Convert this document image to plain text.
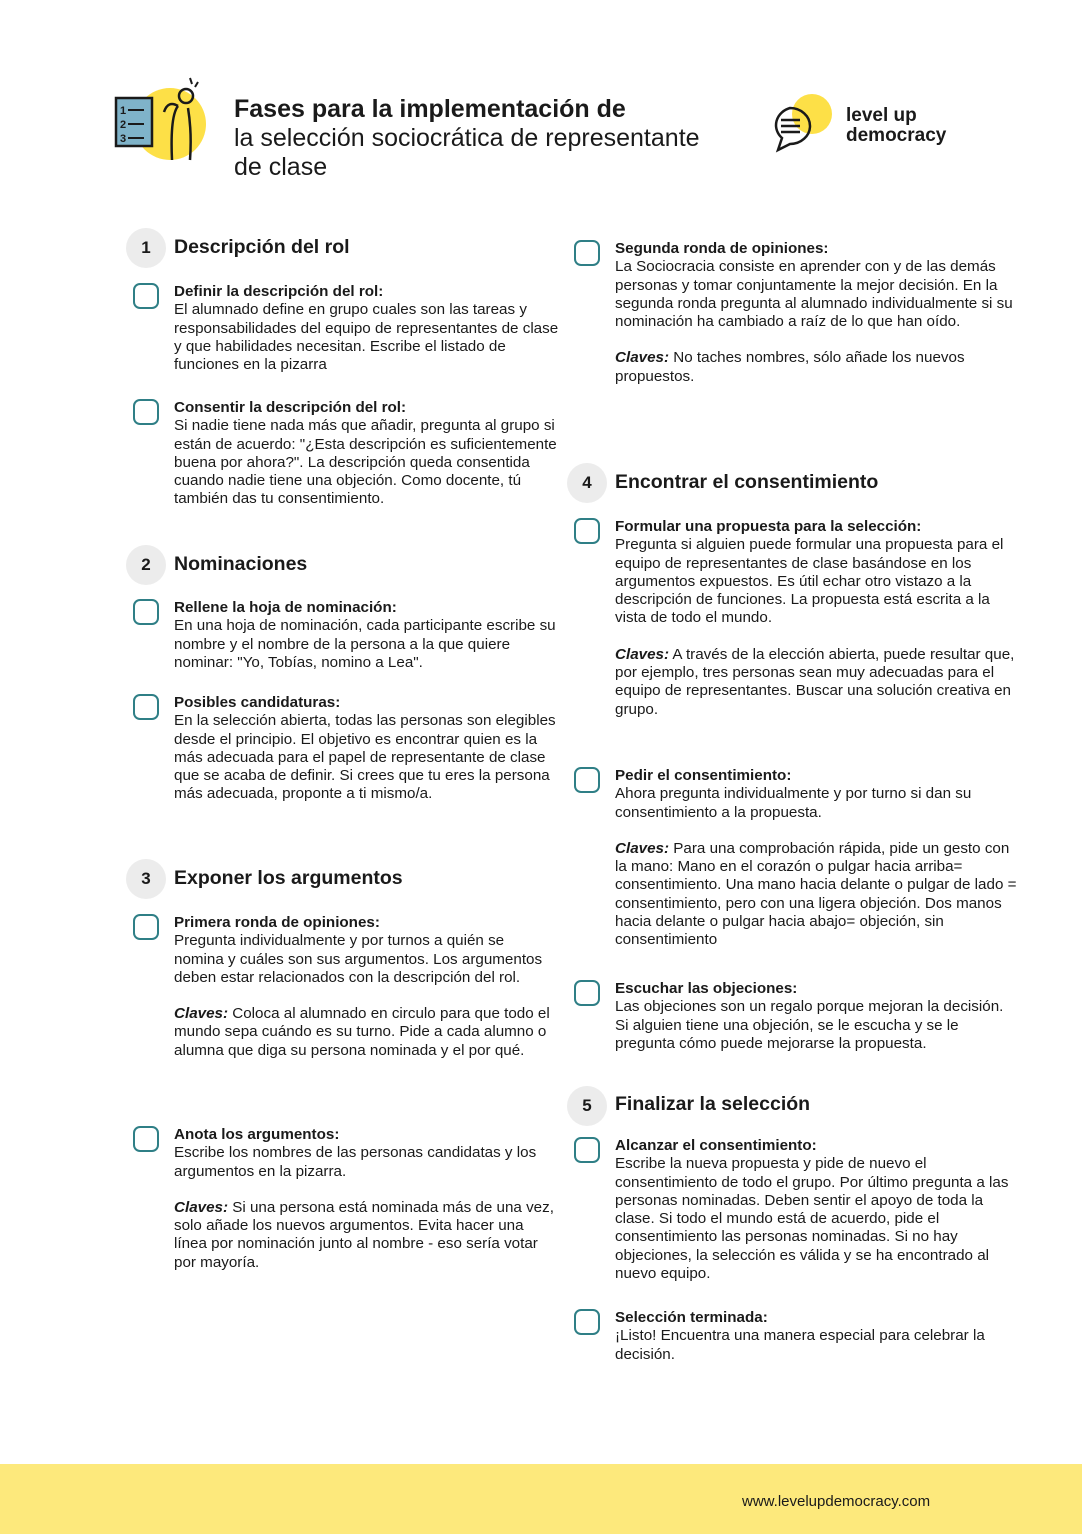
1
2
3
Fases para la implementación de
la selección sociocrática de representante
de clase
level up
democracy
1	Descripción del rol
Definir la descripción del rol:
El alumnado define en grupo cuales son las tareas y responsabilidades del equipo de representantes de clase y que habilidades necesitan. Escribe el listado de funciones en la pizarra
Consentir la descripción del rol:
Si nadie tiene nada más que añadir, pregunta al grupo si están de acuerdo: "¿Esta descripción es suficientemente buena por ahora?". La descripción queda consentida cuando nadie tiene una objeción. Como docente, tú también das tu consentimiento.
2	Nominaciones
Rellene la hoja de nominación:
En una hoja de nominación, cada participante escribe su nombre y el nombre de la persona a la que quiere nominar: "Yo, Tobías, nomino a Lea".
Posibles candidaturas:
En la selección abierta, todas las personas son elegibles desde el principio. El objetivo es encontrar quien es la más adecuada para el papel de representante de clase que se acaba de definir. Si crees que tu eres la persona más adecuada, proponte a ti mismo/a.
3	Exponer los argumentos
Primera ronda de opiniones:
Pregunta individualmente y por turnos a quién se nomina y cuáles son sus argumentos. Los argumentos deben estar relacionados con la descripción del rol.
Claves: Coloca al alumnado en circulo para que todo el mundo sepa cuándo es su turno. Pide a cada alumno o alumna que diga su persona nominada y el por qué.
Anota los argumentos:
Escribe los nombres de las personas candidatas y los argumentos en la pizarra.
Claves: Si una persona está nominada más de una vez, solo añade los nuevos argumentos. Evita hacer una línea por nominación junto al nombre - eso sería votar por mayoría.
Segunda ronda de opiniones:
La Sociocracia consiste en aprender con y de las demás personas y tomar conjuntamente la mejor decisión. En la segunda ronda pregunta al alumnado individualmente si su nominación ha cambiado a raíz de lo que han oído.
Claves: No taches nombres, sólo añade los nuevos propuestos.
4	Encontrar el consentimiento
Formular una propuesta para la selección:
Pregunta si alguien puede formular una propuesta para el equipo de representantes de clase basándose en los argumentos expuestos. Es útil echar otro vistazo a la descripción de funciones. La propuesta está escrita a la vista de todo el mundo.
Claves: A través de la elección abierta, puede resultar que, por ejemplo, tres personas sean muy adecuadas para el equipo de representantes. Buscar una solución creativa en grupo.
Pedir el consentimiento:
Ahora pregunta individualmente y por turno si dan su consentimiento a la propuesta.
Claves: Para una comprobación rápida, pide un gesto con la mano: Mano en el corazón o pulgar hacia arriba= consentimiento. Una mano hacia delante o pulgar de lado = consentimiento, pero con una ligera objeción. Dos manos hacia delante o pulgar hacia abajo= objeción, sin consentimiento
Escuchar las objeciones:
Las objeciones son un regalo porque mejoran la decisión. Si alguien tiene una objeción, se le escucha y se le pregunta cómo puede mejorarse la propuesta.
5	Finalizar la selección
Alcanzar el consentimiento:
Escribe la nueva propuesta y pide de nuevo el consentimiento de todo el grupo. Por último pregunta a las personas nominadas. Deben sentir el apoyo de toda la clase. Si todo el mundo está de acuerdo, pide el consentimiento las personas nominadas. Si no hay objeciones, la selección es válida y se ha encontrado al nuevo equipo.
Selección terminada:
¡Listo! Encuentra una manera especial para celebrar la decisión.
www.levelupdemocracy.com
